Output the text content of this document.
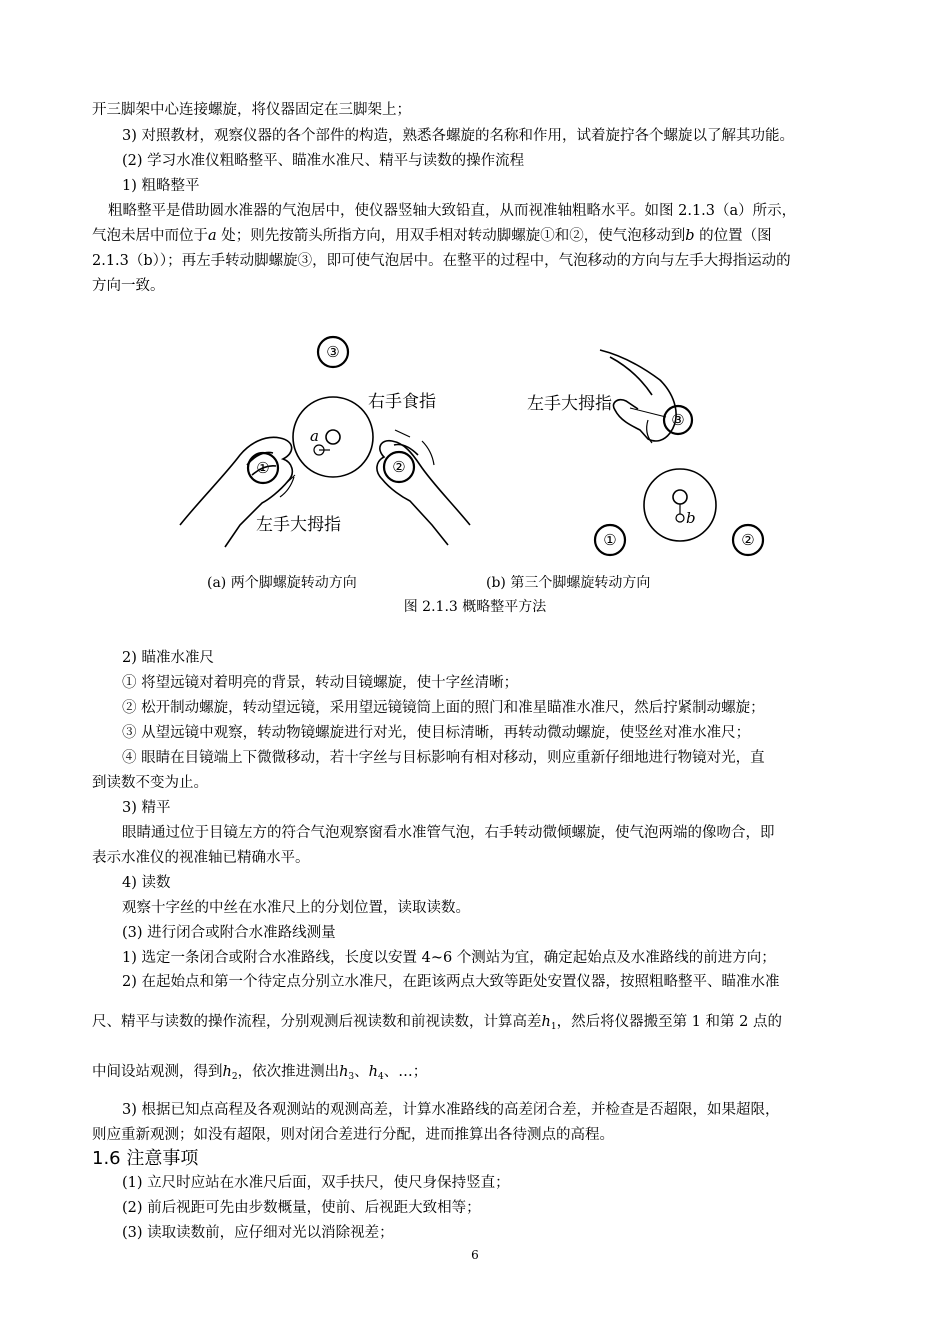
开三脚架中心连接螺旋，将仪器固定在三脚架上；
3) 对照教材，观察仪器的各个部件的构造，熟悉各螺旋的名称和作用，试着旋拧各个螺旋以了解其功能。
(2) 学习水准仪粗略整平、瞄准水准尺、精平与读数的操作流程
1) 粗略整平
粗略整平是借助圆水准器的气泡居中，使仪器竖轴大致铅直，从而视准轴粗略水平。如图 2.1.3（a）所示，
气泡未居中而位于a 处；则先按箭头所指方向，用双手相对转动脚螺旋①和②，使气泡移动到b 的位置（图
2.1.3（b））；再左手转动脚螺旋③，即可使气泡居中。在整平的过程中，气泡移动的方向与左手大拇指运动的
方向一致。
③
①	②
③
①	②
a
b
右手食指
左手大拇指
左手大拇指
(a) 两个脚螺旋转动方向	(b) 第三个脚螺旋转动方向
图 2.1.3 概略整平方法
2) 瞄准水准尺
① 将望远镜对着明亮的背景，转动目镜螺旋，使十字丝清晰；
② 松开制动螺旋，转动望远镜，采用望远镜镜筒上面的照门和准星瞄准水准尺，然后拧紧制动螺旋；
③ 从望远镜中观察，转动物镜螺旋进行对光，使目标清晰，再转动微动螺旋，使竖丝对准水准尺；
④ 眼睛在目镜端上下微微移动，若十字丝与目标影响有相对移动，则应重新仔细地进行物镜对光，直
到读数不变为止。
3) 精平
眼睛通过位于目镜左方的符合气泡观察窗看水准管气泡，右手转动微倾螺旋，使气泡两端的像吻合，即
表示水准仪的视准轴已精确水平。
4) 读数
观察十字丝的中丝在水准尺上的分划位置，读取读数。
(3) 进行闭合或附合水准路线测量
1) 选定一条闭合或附合水准路线，长度以安置 4~6 个测站为宜，确定起始点及水准路线的前进方向；
2) 在起始点和第一个待定点分别立水准尺，在距该两点大致等距处安置仪器，按照粗略整平、瞄准水准
尺、精平与读数的操作流程，分别观测后视读数和前视读数，计算高差$h_1$，然后将仪器搬至第 1 和第 2 点的
中间设站观测，得到$h_2$，依次推进测出$h_3$、$h_4$、…；
3) 根据已知点高程及各观测站的观测高差，计算水准路线的高差闭合差，并检查是否超限，如果超限，
则应重新观测；如没有超限，则对闭合差进行分配，进而推算出各待测点的高程。
1.6 注意事项
(1) 立尺时应站在水准尺后面，双手扶尺，使尺身保持竖直；
(2) 前后视距可先由步数概量，使前、后视距大致相等；
(3) 读取读数前，应仔细对光以消除视差；
6
